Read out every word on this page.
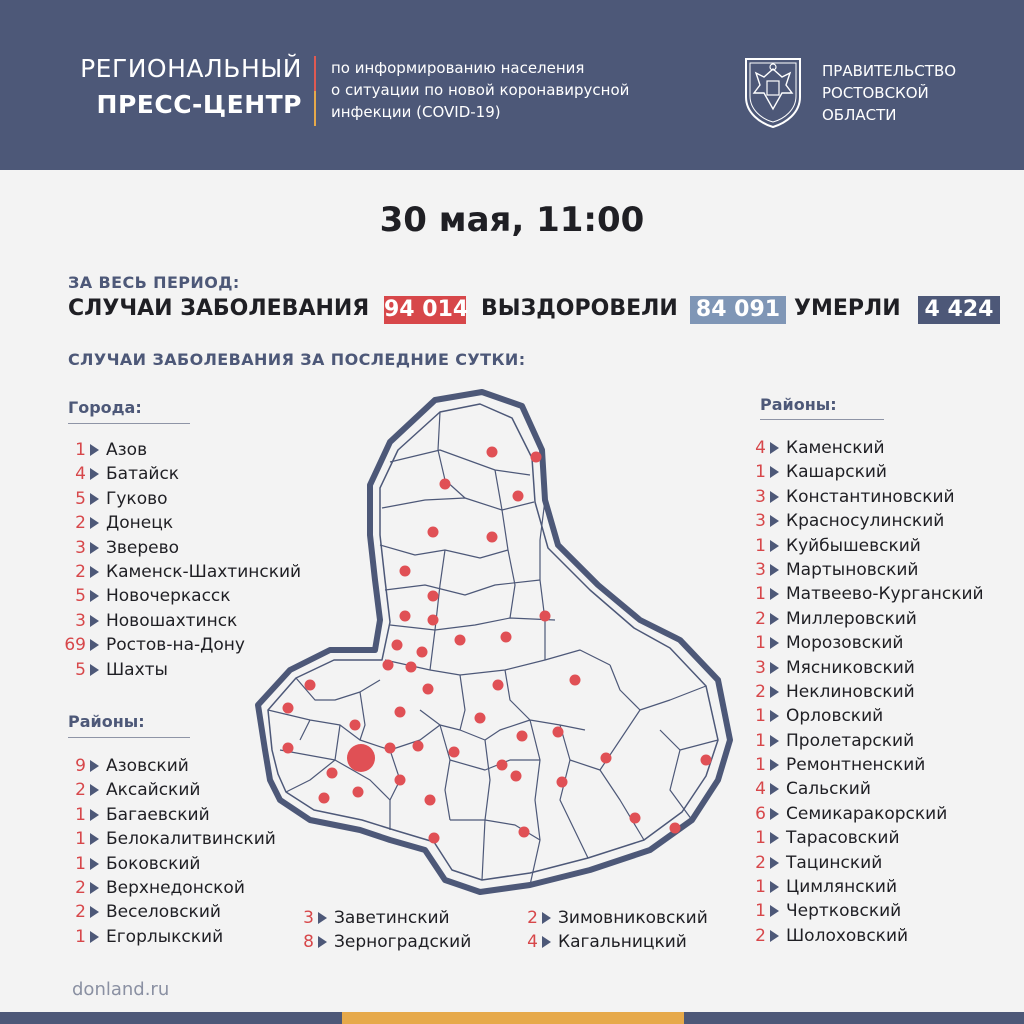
РЕГИОНАЛЬНЫЙ
ПРЕСС-ЦЕНТР
по информированию населения
о ситуации по новой коронавирусной
инфекции (COVID-19)
ПРАВИТЕЛЬСТВО
РОСТОВСКОЙ
ОБЛАСТИ
30 мая, 11:00
ЗА ВЕСЬ ПЕРИОД:
СЛУЧАИ ЗАБОЛЕВАНИЯ 94 014 ВЫЗДОРОВЕЛИ 84 091 УМЕРЛИ 4 424
СЛУЧАИ ЗАБОЛЕВАНИЯ ЗА ПОСЛЕДНИЕ СУТКИ:
Города:
1 Азов
4 Батайск
5 Гуково
2 Донецк
3 Зверево
2 Каменск-Шахтинский
5 Новочеркасск
3 Новошахтинск
69 Ростов-на-Дону
5 Шахты
Районы:
9 Азовский
2 Аксайский
1 Багаевский
1 Белокалитвинский
1 Боковский
2 Верхнедонской
2 Веселовский
1 Егорлыкский
3 Заветинский
8 Зерноградский
2 Зимовниковский
4 Кагальницкий
Районы:
4 Каменский
1 Кашарский
3 Константиновский
3 Красносулинский
1 Куйбышевский
3 Мартыновский
1 Матвеево-Курганский
2 Миллеровский
1 Морозовский
3 Мясниковский
2 Неклиновский
1 Орловский
1 Пролетарский
1 Ремонтненский
4 Сальский
6 Семикаракорский
1 Тарасовский
2 Тацинский
1 Цимлянский
1 Чертковский
2 Шолоховский
donland.ru
